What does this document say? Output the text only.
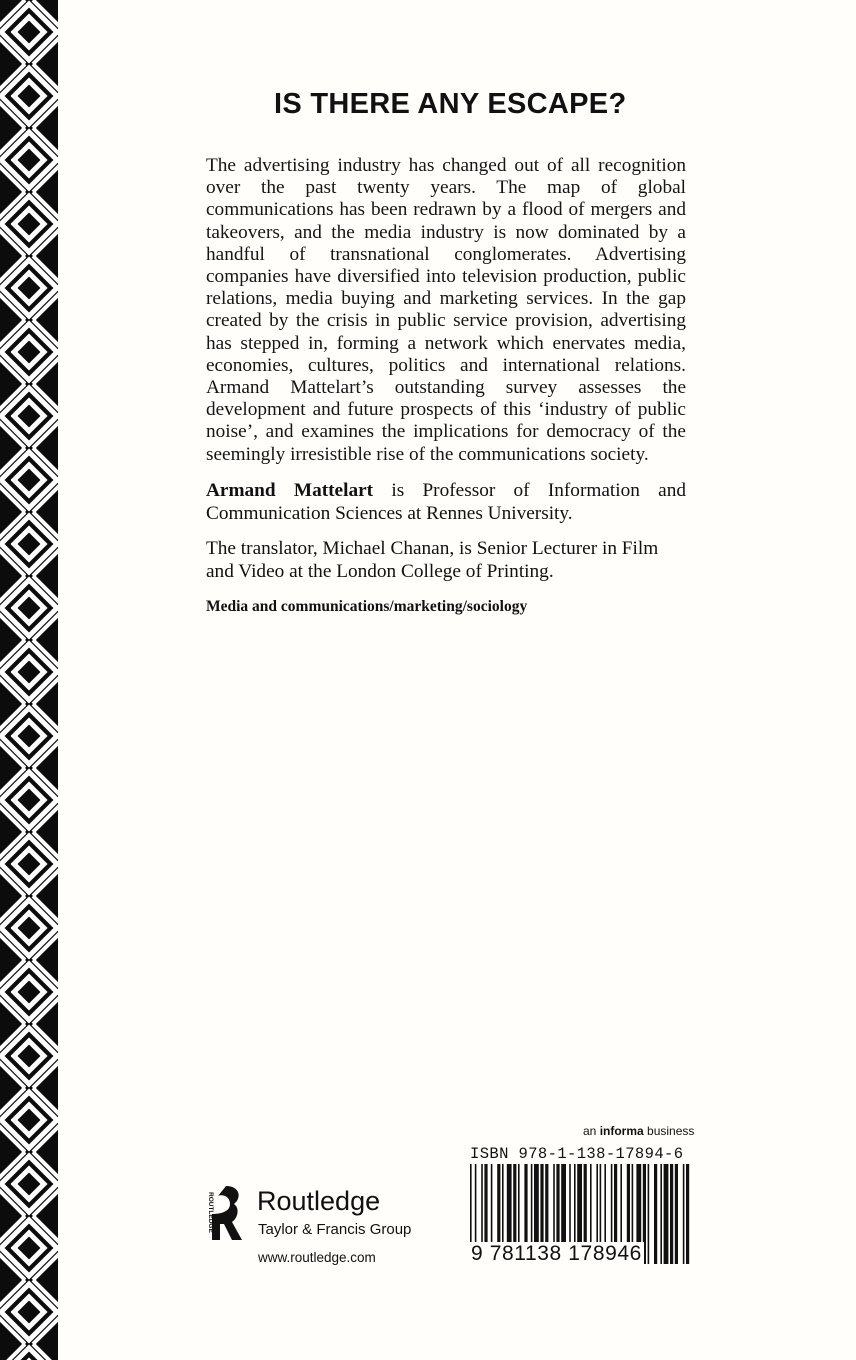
IS THERE ANY ESCAPE?

The advertising industry has changed out of all recognition over the past twenty years. The map of global communications has been redrawn by a flood of mergers and takeovers, and the media industry is now dominated by a handful of transnational conglomerates. Advertising companies have diversified into television production, public relations, media buying and marketing services. In the gap created by the crisis in public service provision, advertising has stepped in, forming a network which enervates media, economies, cultures, politics and international relations. Armand Mattelart’s outstanding survey assesses the development and future prospects of this ‘industry of public noise’, and examines the implications for democracy of the seemingly irresistible rise of the communications society.

Armand Mattelart is Professor of Information and Communication Sciences at Rennes University.

The translator, Michael Chanan, is Senior Lecturer in Film and Video at the London College of Printing.

Media and communications/marketing/sociology

an informa business
ISBN 978-1-138-17894-6
9 781138 178946
ROUTLEDGE Routledge
Taylor & Francis Group
www.routledge.com
